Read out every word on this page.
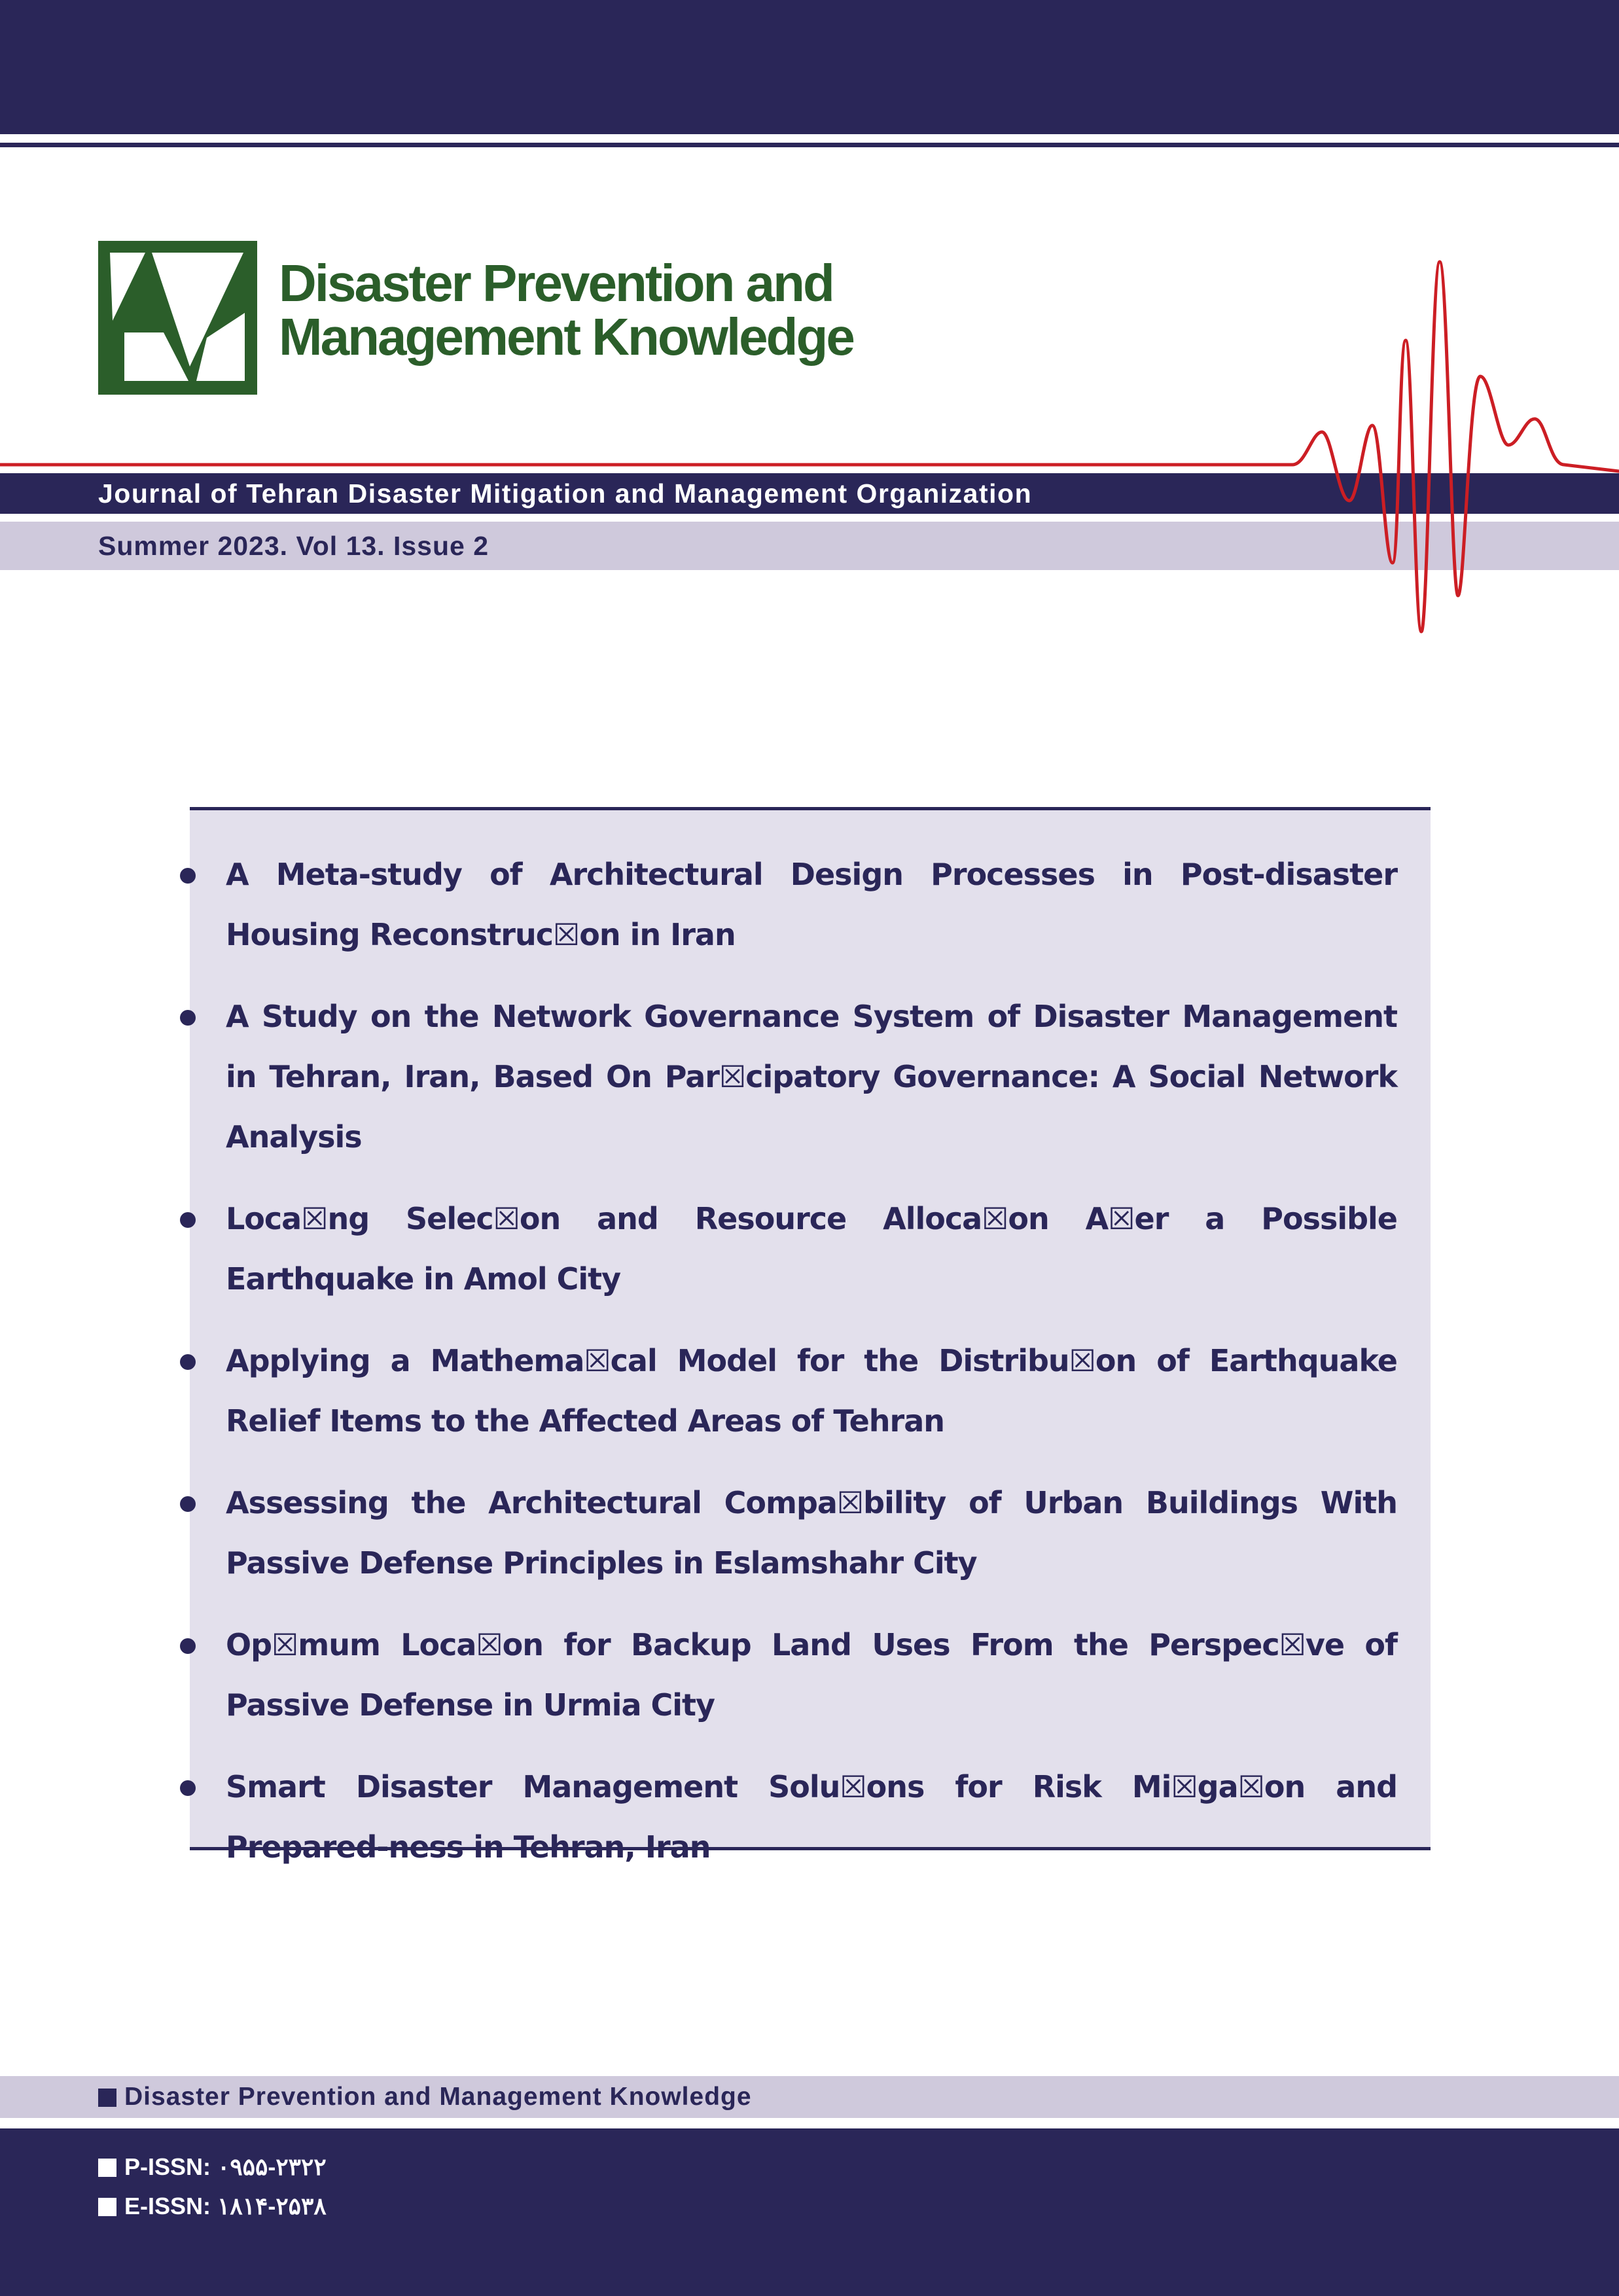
Disaster Prevention and
Management Knowledge
Journal of Tehran Disaster Mitigation and Management Organization
Summer 2023. Vol 13. Issue 2
A Meta-study of Architectural Design Processes in Post-disaster Housing Reconstruc☒on in Iran
A Study on the Network Governance System of Disaster Management in Tehran, Iran, Based On Par☒cipatory Governance: A Social Network Analysis
Loca☒ng Selec☒on and Resource Alloca☒on A☒er a Possible Earthquake in Amol City
Applying a Mathema☒cal Model for the Distribu☒on of Earthquake Relief Items to the Affected Areas of Tehran
Assessing the Architectural Compa☒bility of Urban Buildings With Passive Defense Principles in Eslamshahr City
Op☒mum Loca☒on for Backup Land Uses From the Perspec☒ve of Passive Defense in Urmia City
Smart Disaster Management Solu☒ons for Risk Mi☒ga☒on and Prepared-ness in Tehran, Iran
Disaster Prevention and Management Knowledge
P-ISSN: ۰۹۵۵-۲۳۲۲
E-ISSN: ۱۸۱۴-۲۵۳۸
